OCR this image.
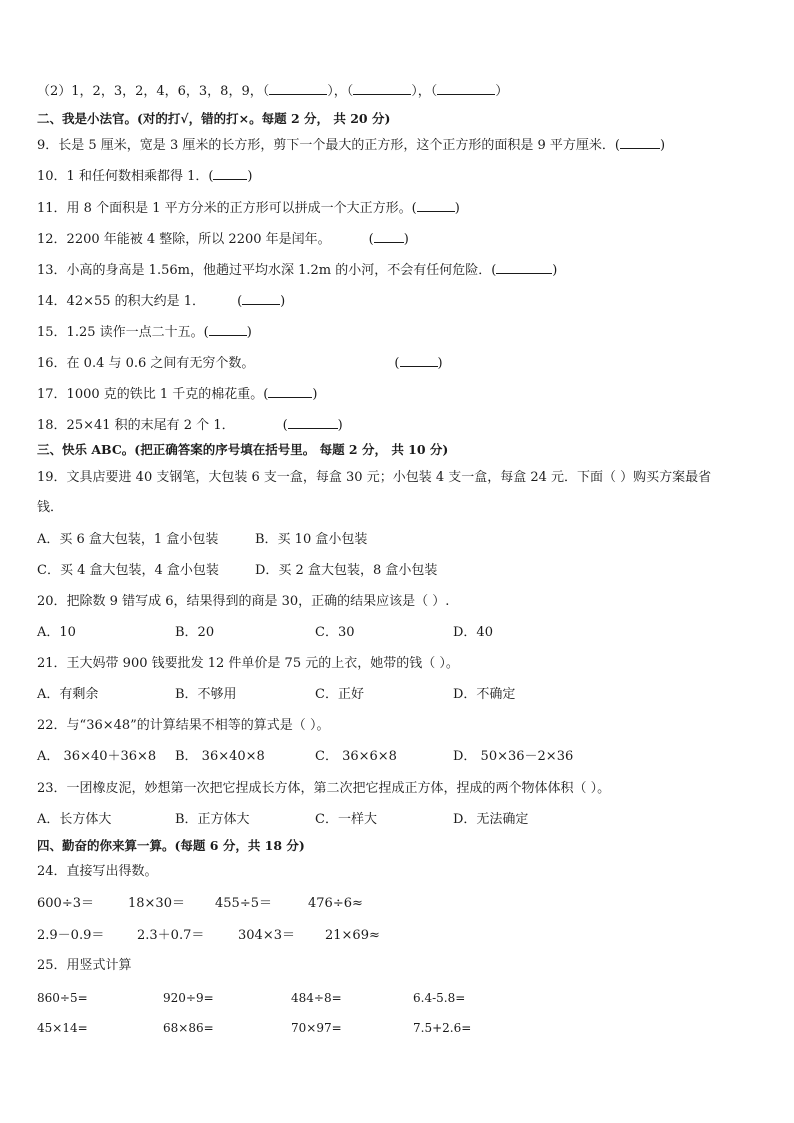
（2）1，2，3，2，4，6，3，8，9，（	），（	），（	）
二、我是小法官。(对的打√，错的打×。每题 2 分， 共 20 分)
9．长是 5 厘米，宽是 3 厘米的长方形，剪下一个最大的正方形，这个正方形的面积是 9 平方厘米．(	)
10．1 和任何数相乘都得 1．(	)
11．用 8 个面积是 1 平方分米的正方形可以拼成一个大正方形。(	)
12．2200 年能被 4 整除，所以 2200 年是闰年。	( )
13．小高的身高是 1.56m，他趟过平均水深 1.2m 的小河，不会有任何危险．(	)
14．42×55 的积大约是 1． (	)
15．1.25 读作一点二十五。(	)
16．在 0.4 与 0.6 之间有无穷个数。	(	)
17．1000 克的铁比 1 千克的棉花重。(	)
18．25×41 积的末尾有 2 个 1．	(	)
三、快乐 ABC。(把正确答案的序号填在括号里。 每题 2 分， 共 10 分)
19．文具店要进 40 支钢笔，大包装 6 支一盒，每盒 30 元；小包装 4 支一盒，每盒 24 元．下面（ ）购买方案最省
钱．
A．买 6 盒大包装，1 盒小包装	B．买 10 盒小包装
C．买 4 盒大包装，4 盒小包装	D．买 2 盒大包装，8 盒小包装
20．把除数 9 错写成 6，结果得到的商是 30，正确的结果应该是（ ）.
A．10	B．20	C．30	D．40
21．王大妈带 900 钱要批发 12 件单价是 75 元的上衣，她带的钱（ ）。
A．有剩余	B．不够用	C．正好	D．不确定
22．与“36×48”的计算结果不相等的算式是（ ）。
A． 36×40＋36×8 B． 36×40×8	C． 36×6×8	D． 50×36－2×36
23．一团橡皮泥，妙想第一次把它捏成长方体，第二次把它捏成正方体，捏成的两个物体体积（ ）。
A．长方体大	B．正方体大	C．一样大	D．无法确定
四、勤奋的你来算一算。(每题 6 分，共 18 分)
24．直接写出得数。
600÷3＝	18×30＝ 455÷5＝	476÷6≈
2.9－0.9＝	2.3＋0.7＝	304×3＝ 21×69≈
25．用竖式计算
860÷5=	920÷9=	484÷8=	6.4-5.8=
45×14=	68×86=	70×97=	7.5+2.6=
